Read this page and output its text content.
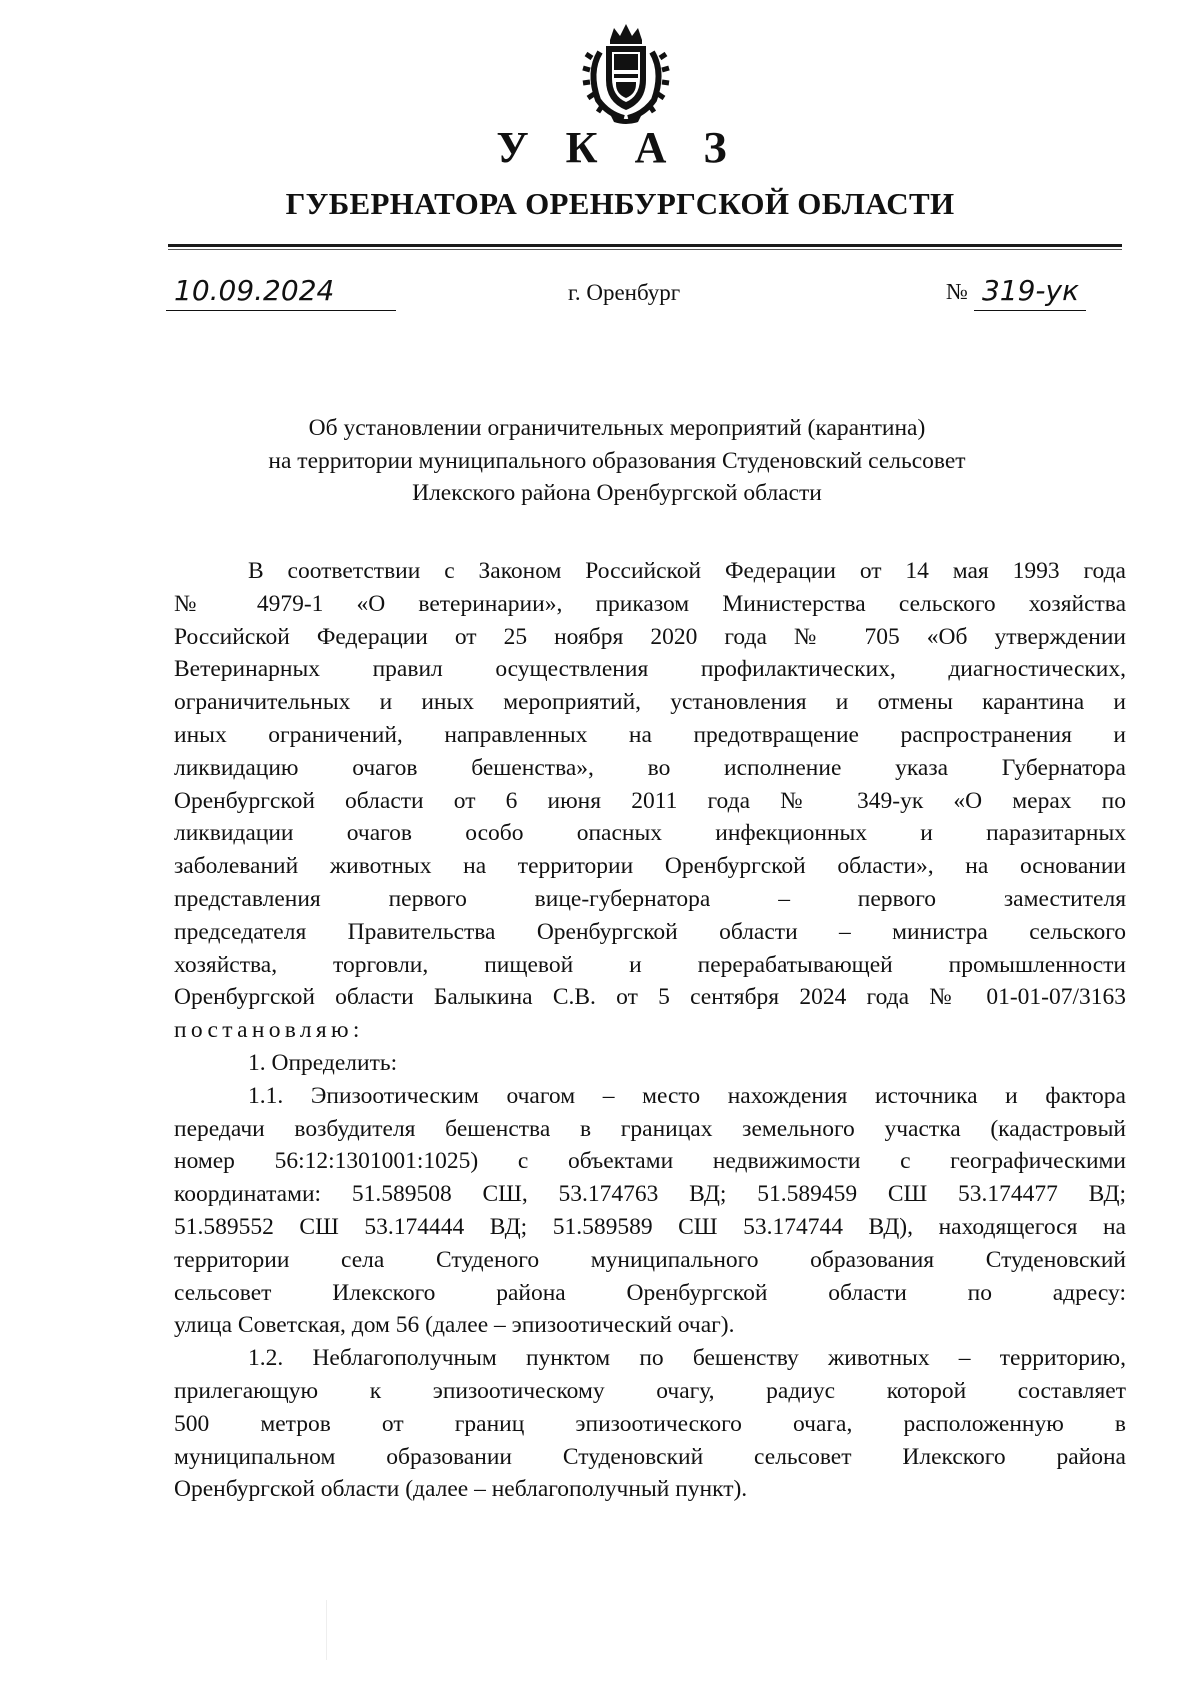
У К А З
ГУБЕРНАТОРА ОРЕНБУРГСКОЙ ОБЛАСТИ
10.09.2024	г. Оренбург	№ 319-ук
Об установлении ограничительных мероприятий (карантина)
на территории муниципального образования Студеновский сельсовет
Илекского района Оренбургской области
В соответствии с Законом Российской Федерации от 14 мая 1993 года
№ 4979-1 «О ветеринарии», приказом Министерства сельского хозяйства
Российской Федерации от 25 ноября 2020 года № 705 «Об утверждении
Ветеринарных правил осуществления профилактических, диагностических,
ограничительных и иных мероприятий, установления и отмены карантина и
иных ограничений, направленных на предотвращение распространения и
ликвидацию очагов бешенства», во исполнение указа Губернатора
Оренбургской области от 6 июня 2011 года № 349-ук «О мерах по
ликвидации очагов особо опасных инфекционных и паразитарных
заболеваний животных на территории Оренбургской области», на основании
представления первого вице-губернатора – первого заместителя
председателя Правительства Оренбургской области – министра сельского
хозяйства, торговли, пищевой и перерабатывающей промышленности
Оренбургской области Балыкина С.В. от 5 сентября 2024 года № 01-01-07/3163
постановляю:
1. Определить:
1.1. Эпизоотическим очагом – место нахождения источника и фактора
передачи возбудителя бешенства в границах земельного участка (кадастровый
номер 56:12:1301001:1025) с объектами недвижимости с географическими
координатами: 51.589508 СШ, 53.174763 ВД; 51.589459 СШ 53.174477 ВД;
51.589552 СШ 53.174444 ВД; 51.589589 СШ 53.174744 ВД), находящегося на
территории села Студеного муниципального образования Студеновский
сельсовет Илекского района Оренбургской области по адресу:
улица Советская, дом 56 (далее – эпизоотический очаг).
1.2. Неблагополучным пунктом по бешенству животных – территорию,
прилегающую к эпизоотическому очагу, радиус которой составляет
500 метров от границ эпизоотического очага, расположенную в
муниципальном образовании Студеновский сельсовет Илекского района
Оренбургской области (далее – неблагополучный пункт).
